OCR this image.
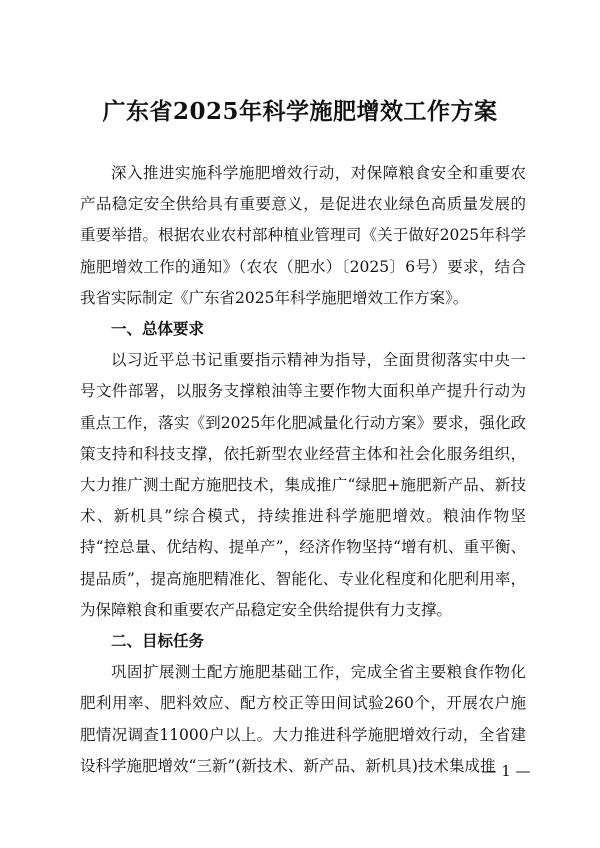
广东省2025年科学施肥增效工作方案

深入推进实施科学施肥增效行动，对保障粮食安全和重要农产品稳定安全供给具有重要意义，是促进农业绿色高质量发展的重要举措。根据农业农村部种植业管理司《关于做好2025年科学施肥增效工作的通知》（农农（肥水）〔2025〕6号）要求，结合我省实际制定《广东省2025年科学施肥增效工作方案》。

一、总体要求

以习近平总书记重要指示精神为指导，全面贯彻落实中央一号文件部署，以服务支撑粮油等主要作物大面积单产提升行动为重点工作，落实《到2025年化肥减量化行动方案》要求，强化政策支持和科技支撑，依托新型农业经营主体和社会化服务组织，大力推广测土配方施肥技术，集成推广“绿肥+施肥新产品、新技术、新机具”综合模式，持续推进科学施肥增效。粮油作物坚持“控总量、优结构、提单产”，经济作物坚持“增有机、重平衡、提品质”，提高施肥精准化、智能化、专业化程度和化肥利用率，为保障粮食和重要农产品稳定安全供给提供有力支撑。

二、目标任务

巩固扩展测土配方施肥基础工作，完成全省主要粮食作物化肥利用率、肥料效应、配方校正等田间试验260个，开展农户施肥情况调查11000户以上。大力推进科学施肥增效行动，全省建设科学施肥增效“三新”(新技术、新产品、新机具)技术集成推

— 1 —
